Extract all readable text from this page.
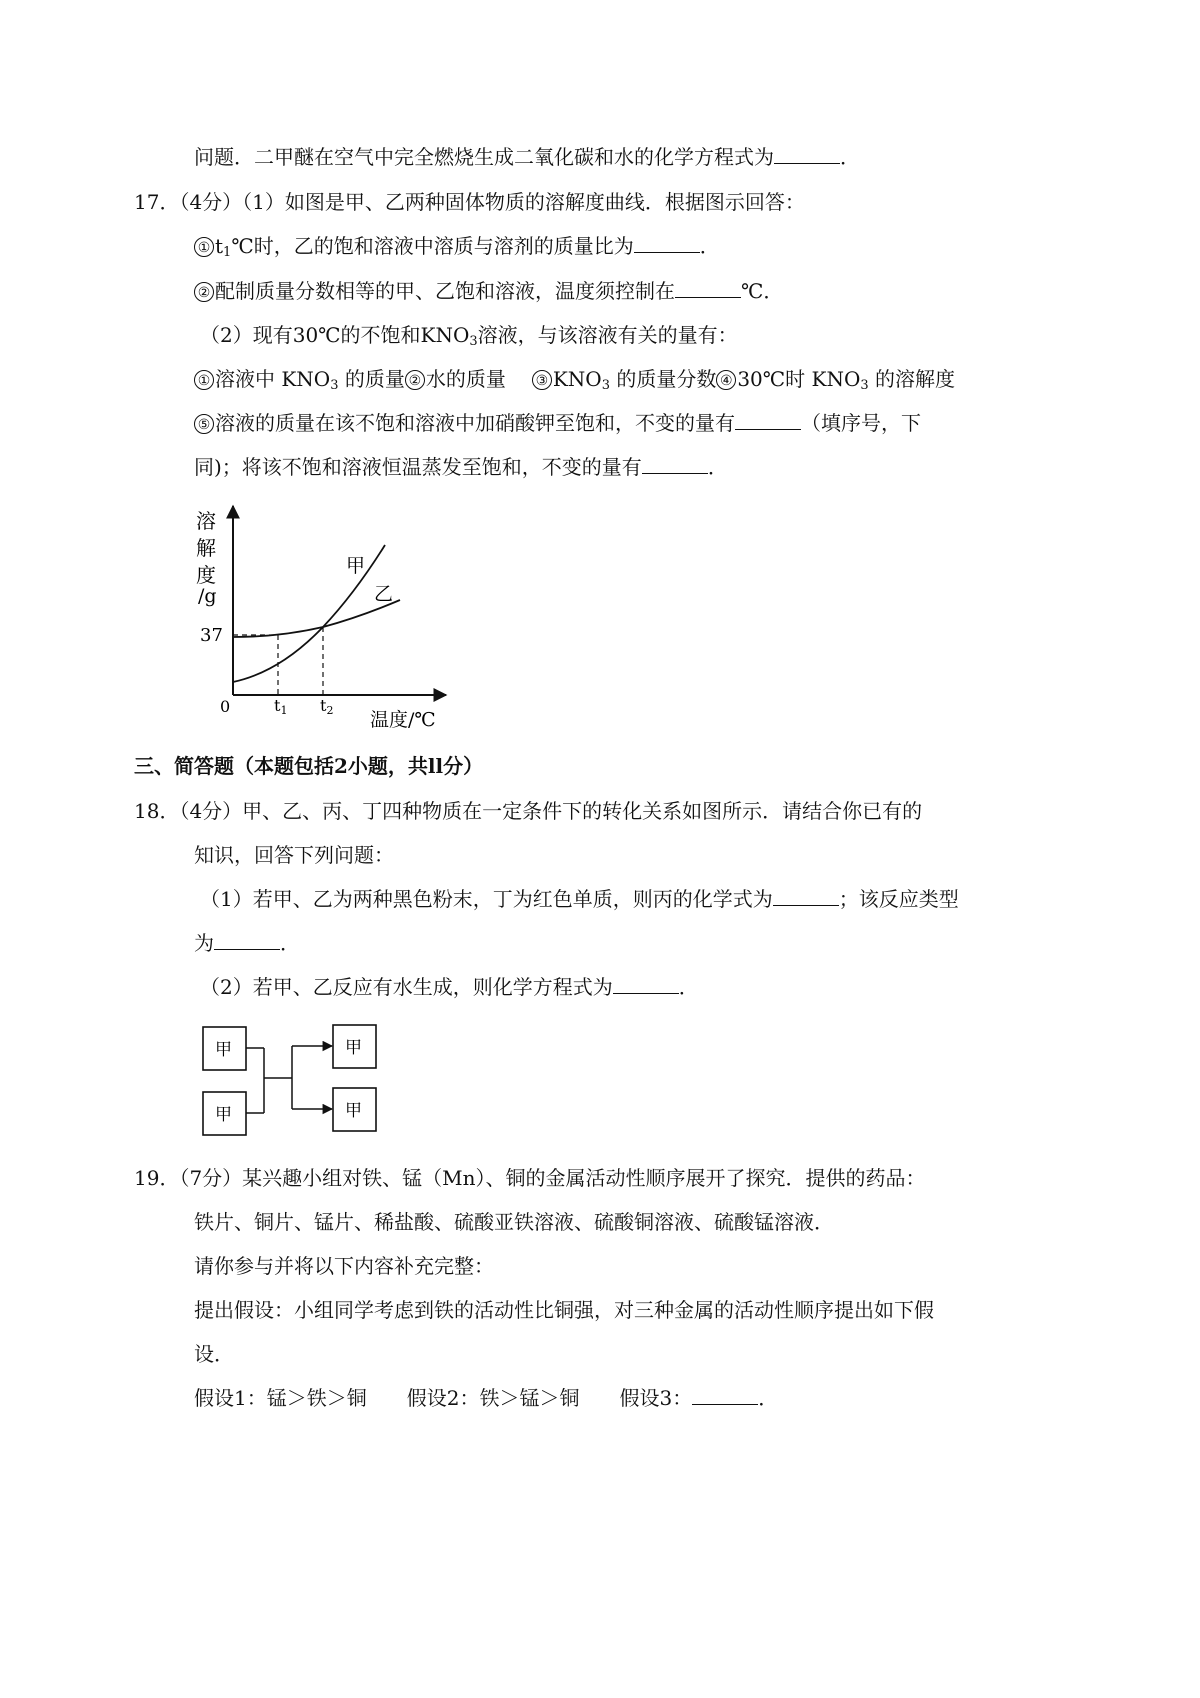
问题．二甲醚在空气中完全燃烧生成二氧化碳和水的化学方程式为	．
17．（4分）（1）如图是甲、乙两种固体物质的溶解度曲线．根据图示回答：
① $t_1℃$时，乙的饱和溶液中溶质与溶剂的质量比为	．
② 配制质量分数相等的甲、乙饱和溶液，温度须控制在	℃．
（2）现有30℃的不饱和$KNO_3$溶液，与该溶液有关的量有：
① 溶液中 $KNO_3$ 的质量 ② 水的质量 ③ $KNO_3$ 的质量分数 ④ 30℃时 $KNO_3$ 的溶解度
⑤ 溶液的质量在该不饱和溶液中加硝酸钾至饱和，不变的量有	（填序号，下
同)；将该不饱和溶液恒温蒸发至饱和，不变的量有	．
溶
解
度
/g
37
0	t1 t2 温度/℃
甲
乙
三、简答题（本题包括2小题，共ll分）
18．（4分）甲、乙、丙、丁四种物质在一定条件下的转化关系如图所示．请结合你已有的
知识，回答下列问题：
（1）若甲、乙为两种黑色粉末，丁为红色单质，则丙的化学式为	；该反应类型
为	．
（2）若甲、乙反应有水生成，则化学方程式为	．
甲
甲
甲
甲
19．（7分）某兴趣小组对铁、锰（Mn）、铜的金属活动性顺序展开了探究．提供的药品：
铁片、铜片、锰片、稀盐酸、硫酸亚铁溶液、硫酸铜溶液、硫酸锰溶液．
请你参与并将以下内容补充完整：
提出假设：小组同学考虑到铁的活动性比铜强，对三种金属的活动性顺序提出如下假
设．
假设1：锰＞铁＞铜 假设2：铁＞锰＞铜 假设3：	．
